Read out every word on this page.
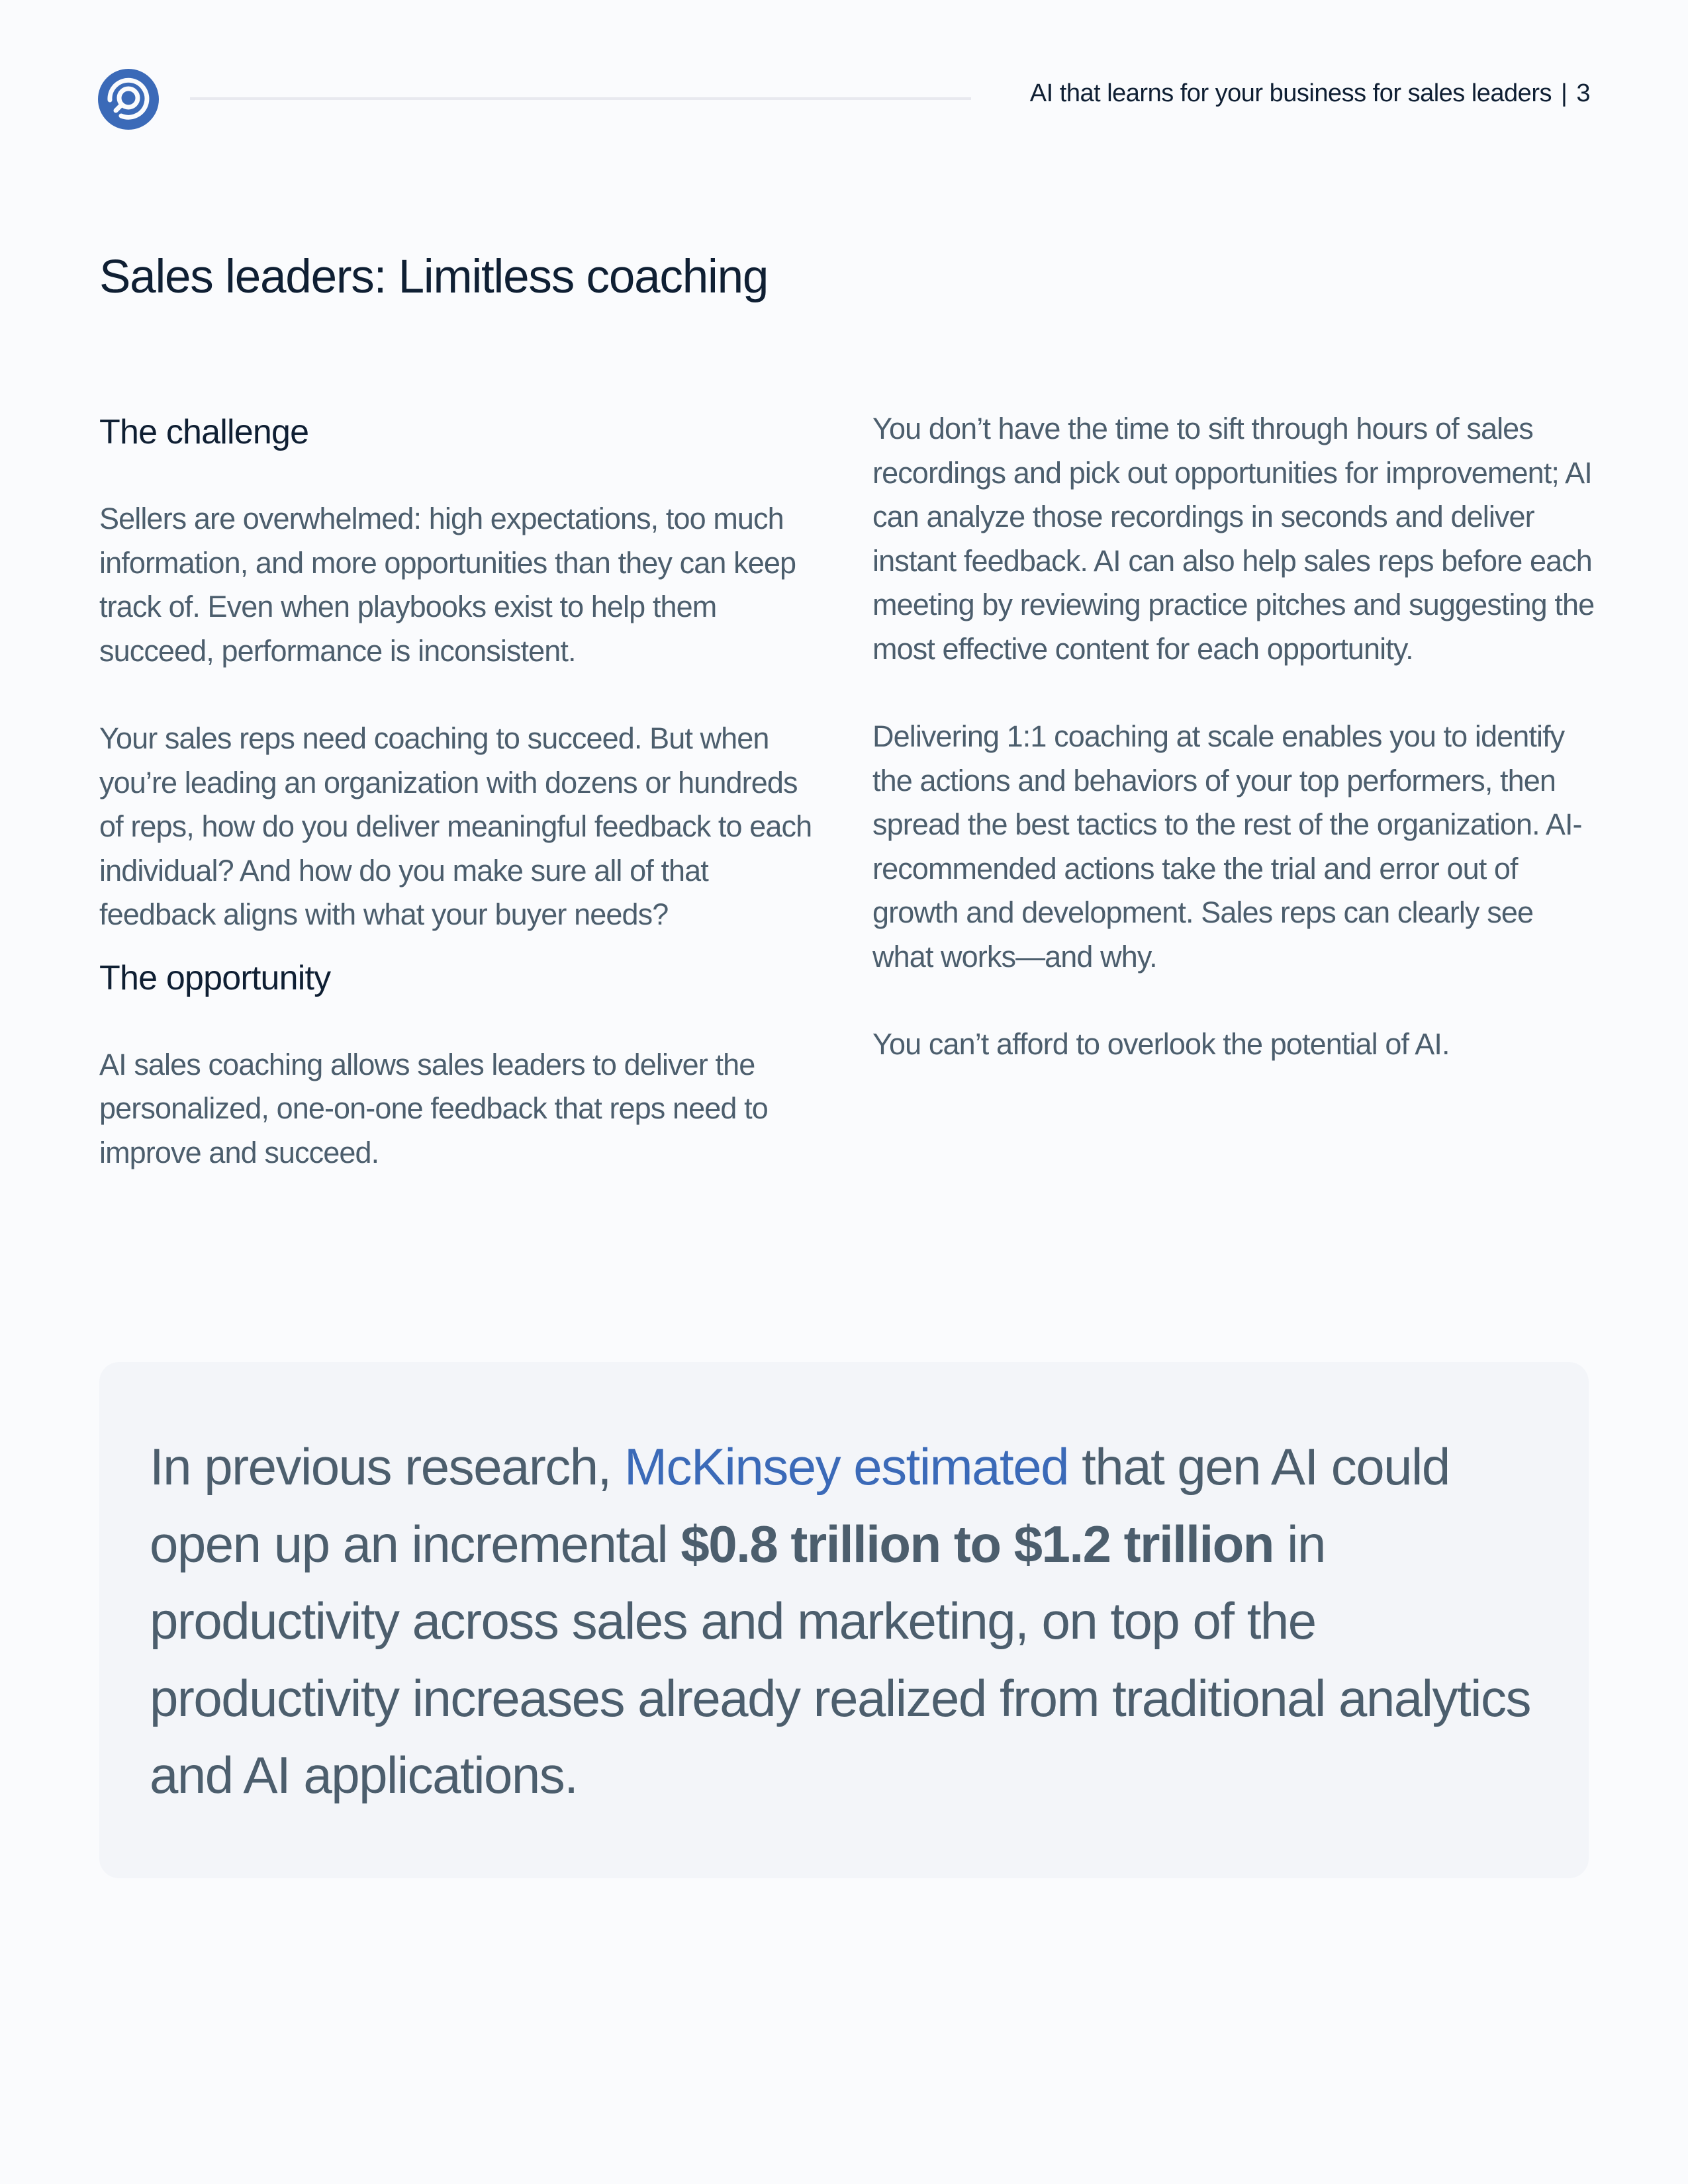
AI that learns for your business for sales leaders | 3
Sales leaders: Limitless coaching
The challenge

Sellers are overwhelmed: high expectations, too much information, and more opportunities than they can keep track of. Even when playbooks exist to help them succeed, performance is inconsistent.

Your sales reps need coaching to succeed. But when you’re leading an organization with dozens or hundreds of reps, how do you deliver meaningful feedback to each individual? And how do you make sure all of that feedback aligns with what your buyer needs?

The opportunity

AI sales coaching allows sales leaders to deliver the personalized, one-on-one feedback that reps need to improve and succeed.

You don’t have the time to sift through hours of sales recordings and pick out opportunities for improvement; AI can analyze those recordings in seconds and deliver instant feedback. AI can also help sales reps before each meeting by reviewing practice pitches and suggesting the most effective content for each opportunity.

Delivering 1:1 coaching at scale enables you to identify the actions and behaviors of your top performers, then spread the best tactics to the rest of the organization. AI-recommended actions take the trial and error out of growth and development. Sales reps can clearly see what works—and why.

You can’t afford to overlook the potential of AI.

In previous research, McKinsey estimated that gen AI could open up an incremental $0.8 trillion to $1.2 trillion in productivity across sales and marketing, on top of the productivity increases already realized from traditional analytics and AI applications.
